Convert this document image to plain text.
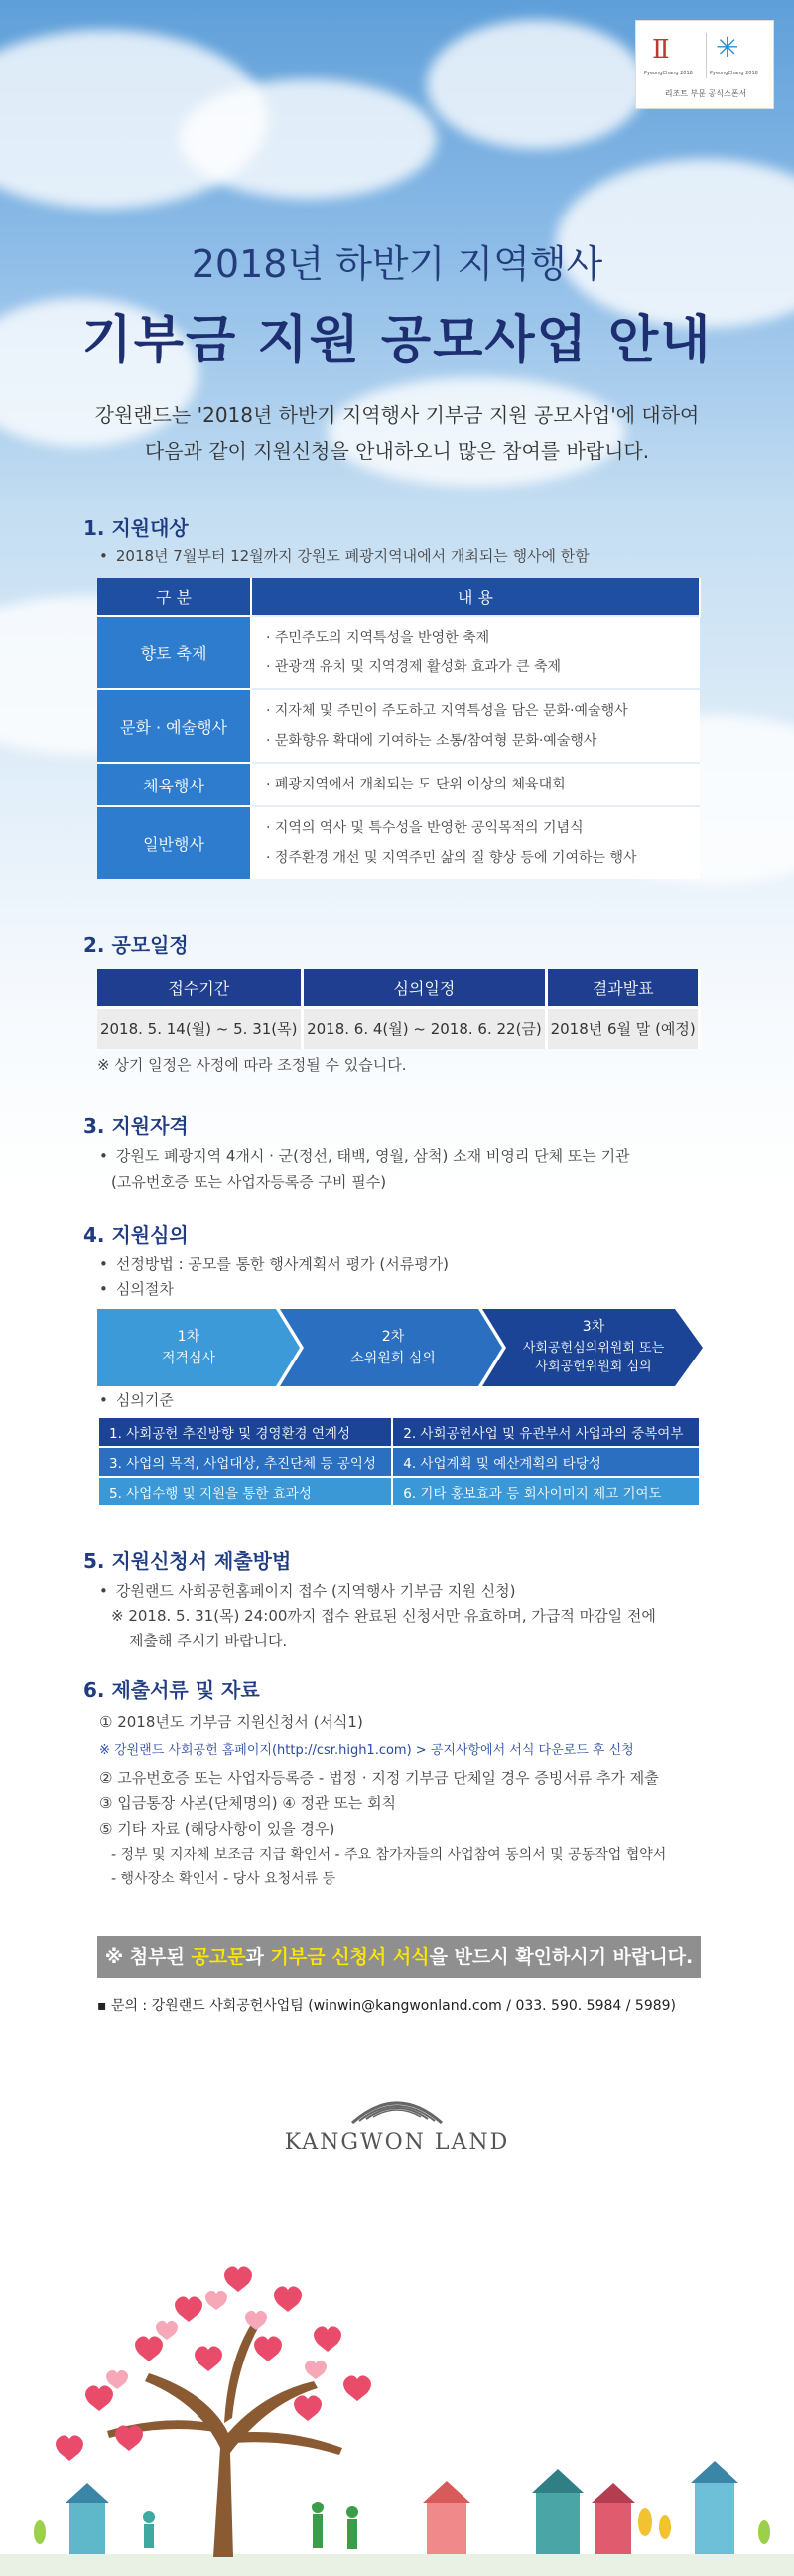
Ⅱ
PyeongChang 2018
✳
PyeongChang 2018
리조트 부문 공식스폰서
2018년 하반기 지역행사
기부금 지원 공모사업 안내
강원랜드는 '2018년 하반기 지역행사 기부금 지원 공모사업'에 대하여
다음과 같이 지원신청을 안내하오니 많은 참여를 바랍니다.
1. 지원대상
• 2018년 7월부터 12월까지 강원도 폐광지역내에서 개최되는 행사에 한함
구 분	내 용
향토 축제	· 주민주도의 지역특성을 반영한 축제
· 관광객 유치 및 지역경제 활성화 효과가 큰 축제

문화 · 예술행사	· 지자체 및 주민이 주도하고 지역특성을 담은 문화·예술행사
· 문화향유 확대에 기여하는 소통/참여형 문화·예술행사

체육행사	· 폐광지역에서 개최되는 도 단위 이상의 체육대회

일반행사	· 지역의 역사 및 특수성을 반영한 공익목적의 기념식
· 정주환경 개선 및 지역주민 삶의 질 향상 등에 기여하는 행사
2. 공모일정
접수기간	심의일정	결과발표
2018. 5. 14(월) ~ 5. 31(목)	2018. 6. 4(월) ~ 2018. 6. 22(금)	2018년 6월 말 (예정)
※ 상기 일정은 사정에 따라 조정될 수 있습니다.
3. 지원자격
• 강원도 폐광지역 4개시 · 군(정선, 태백, 영월, 삼척) 소재 비영리 단체 또는 기관
(고유번호증 또는 사업자등록증 구비 필수)
4. 지원심의
• 선정방법 : 공모를 통한 행사계획서 평가 (서류평가)
• 심의절차
1차
적격심사
2차
소위원회 심의
3차
사회공헌심의위원회 또는
사회공헌위원회 심의
• 심의기준
1. 사회공헌 추진방향 및 경영환경 연계성	2. 사회공헌사업 및 유관부서 사업과의 중복여부
3. 사업의 목적, 사업대상, 추진단체 등 공익성	4. 사업계획 및 예산계획의 타당성
5. 사업수행 및 지원을 통한 효과성	6. 기타 홍보효과 등 회사이미지 제고 기여도
5. 지원신청서 제출방법
• 강원랜드 사회공헌홈페이지 접수 (지역행사 기부금 지원 신청)
※ 2018. 5. 31(목) 24:00까지 접수 완료된 신청서만 유효하며, 가급적 마감일 전에
제출해 주시기 바랍니다.
6. 제출서류 및 자료
① 2018년도 기부금 지원신청서 (서식1)
※ 강원랜드 사회공헌 홈페이지(http://csr.high1.com) > 공지사항에서 서식 다운로드 후 신청
② 고유번호증 또는 사업자등록증 - 법정 · 지정 기부금 단체일 경우 증빙서류 추가 제출
③ 입금통장 사본(단체명의) ④ 정관 또는 회칙
⑤ 기타 자료 (해당사항이 있을 경우)
- 정부 및 지자체 보조금 지급 확인서 - 주요 참가자들의 사업참여 동의서 및 공동작업 협약서
- 행사장소 확인서 - 당사 요청서류 등
※ 첨부된 공고문과 기부금 신청서 서식을 반드시 확인하시기 바랍니다.
▪ 문의 : 강원랜드 사회공헌사업팀 (winwin@kangwonland.com / 033. 590. 5984 / 5989)
KANGWON LAND
